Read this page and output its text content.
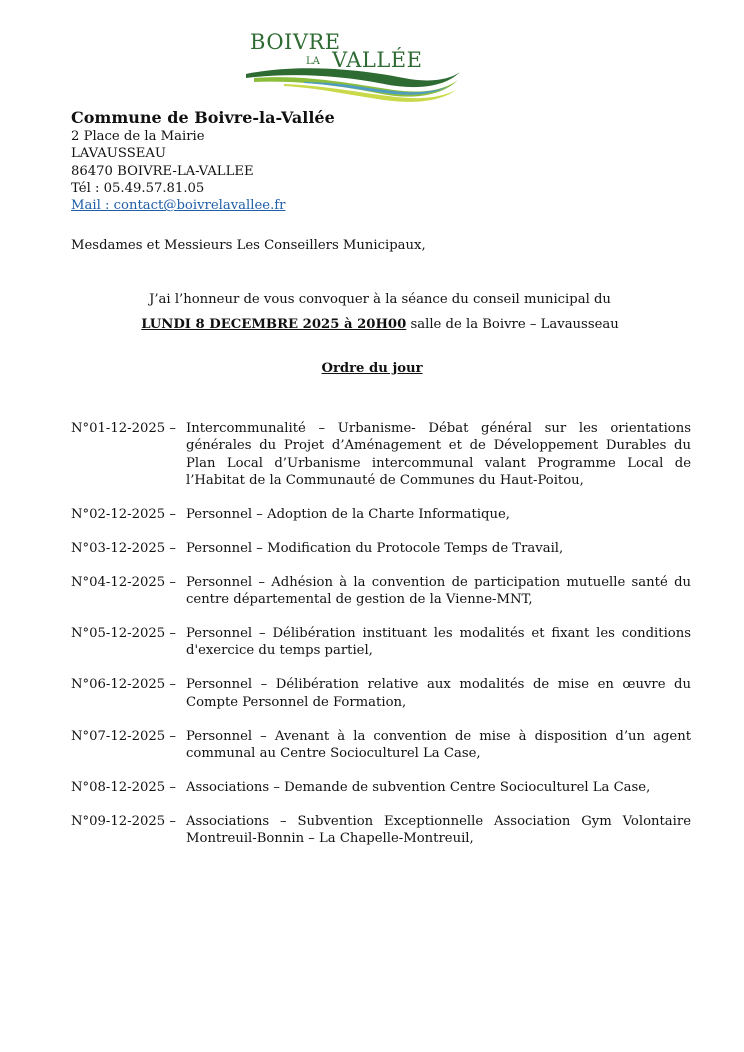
BOIVRE
LA VALLÉE
Commune de Boivre-la-Vallée
2 Place de la Mairie
LAVAUSSEAU
86470 BOIVRE-LA-VALLEE
Tél : 05.49.57.81.05
Mail : contact@boivrelavallee.fr
Mesdames et Messieurs Les Conseillers Municipaux,
J’ai l’honneur de vous convoquer à la séance du conseil municipal du
LUNDI 8 DECEMBRE 2025 à 20H00 salle de la Boivre – Lavausseau
Ordre du jour
N°01-12-2025 – Intercommunalité – Urbanisme- Débat général sur les orientations générales du Projet d’Aménagement et de Développement Durables du Plan Local d’Urbanisme intercommunal valant Programme Local de l’Habitat de la Communauté de Communes du Haut-Poitou,
N°02-12-2025 – Personnel – Adoption de la Charte Informatique,
N°03-12-2025 – Personnel – Modification du Protocole Temps de Travail,
N°04-12-2025 – Personnel – Adhésion à la convention de participation mutuelle santé du centre départemental de gestion de la Vienne-MNT,
N°05-12-2025 – Personnel – Délibération instituant les modalités et fixant les conditions d'exercice du temps partiel,
N°06-12-2025 – Personnel – Délibération relative aux modalités de mise en œuvre du Compte Personnel de Formation,
N°07-12-2025 – Personnel – Avenant à la convention de mise à disposition d’un agent communal au Centre Socioculturel La Case,
N°08-12-2025 – Associations – Demande de subvention Centre Socioculturel La Case,
N°09-12-2025 – Associations – Subvention Exceptionnelle Association Gym Volontaire Montreuil-Bonnin – La Chapelle-Montreuil,
